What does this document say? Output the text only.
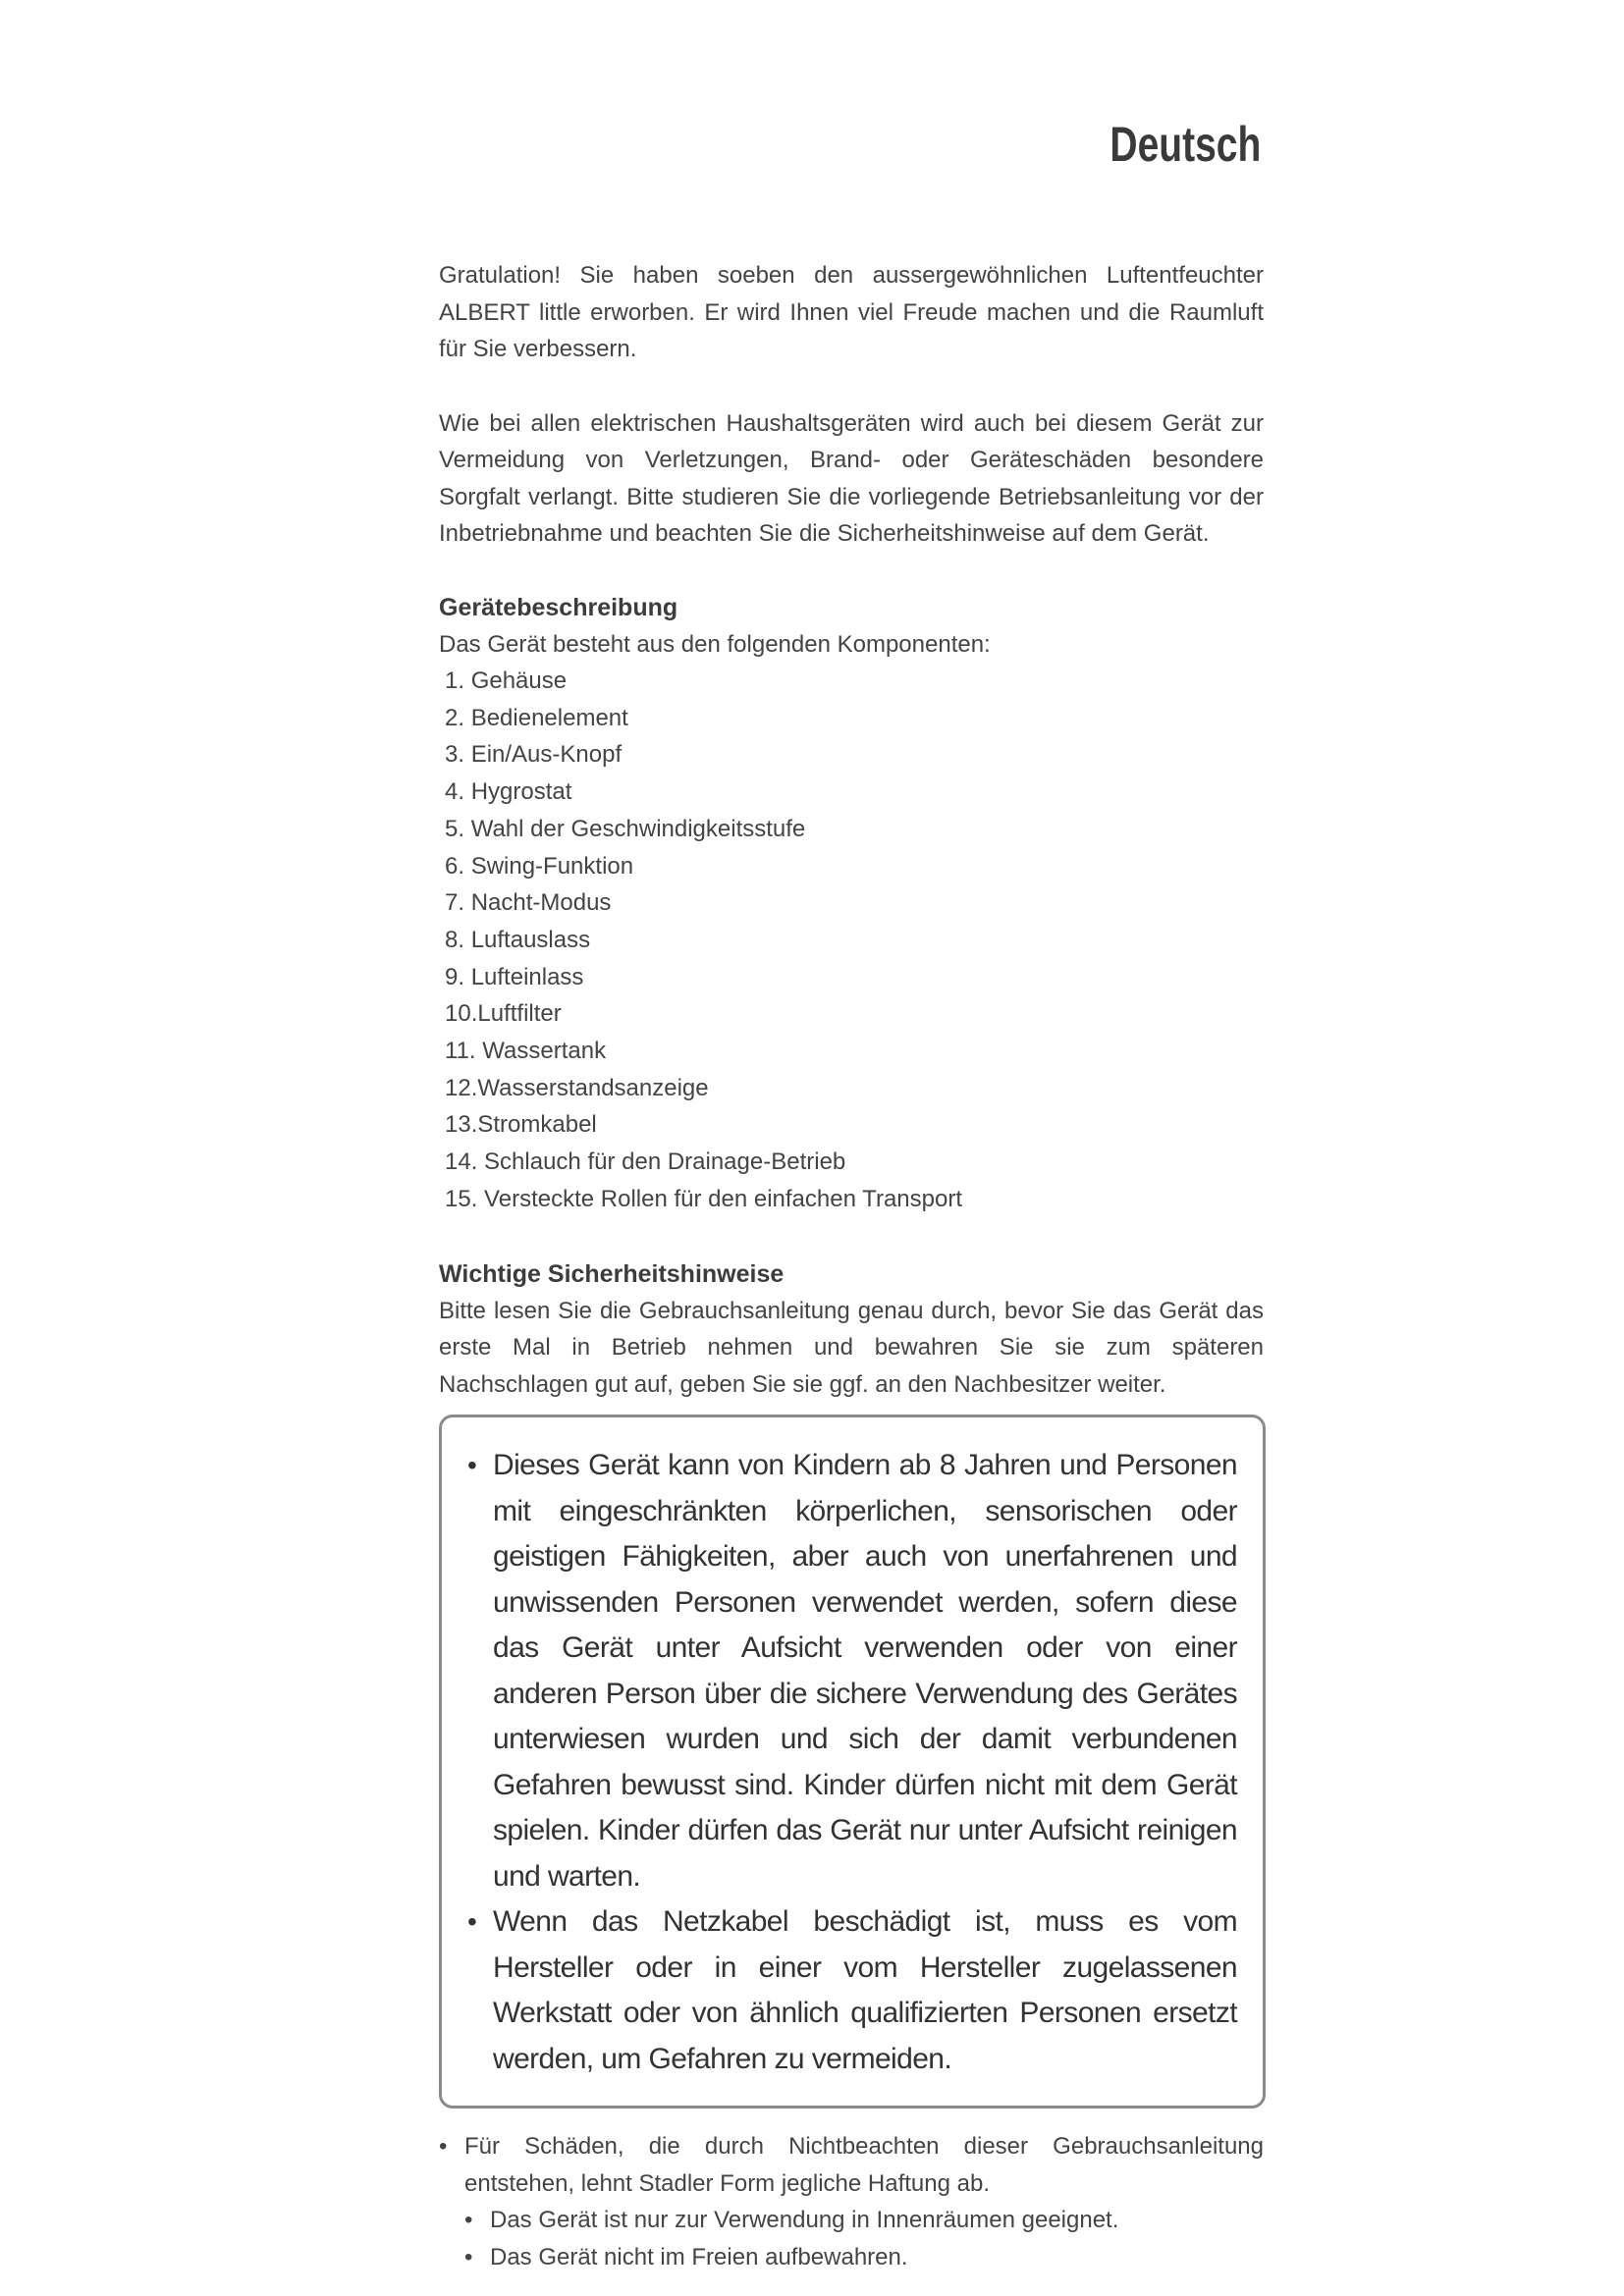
Deutsch

Gratulation! Sie haben soeben den aussergewöhnlichen Luftentfeuchter ALBERT little erworben. Er wird Ihnen viel Freude machen und die Raumluft für Sie verbessern.

Wie bei allen elektrischen Haushaltsgeräten wird auch bei diesem Gerät zur Vermeidung von Verletzungen, Brand- oder Geräteschäden besondere Sorgfalt verlangt. Bitte studieren Sie die vorliegende Betriebsanleitung vor der Inbetriebnahme und beachten Sie die Sicherheitshinweise auf dem Gerät.

Gerätebeschreibung

Das Gerät besteht aus den folgenden Komponenten:

1. Gehäuse
2. Bedienelement
3. Ein/Aus-Knopf
4. Hygrostat
5. Wahl der Geschwindigkeitsstufe
6. Swing-Funktion
7. Nacht-Modus
8. Luftauslass
9. Lufteinlass
10.Luftfilter
11. Wassertank
12.Wasserstandsanzeige
13.Stromkabel
14. Schlauch für den Drainage-Betrieb
15. Versteckte Rollen für den einfachen Transport
Wichtige Sicherheitshinweise

Bitte lesen Sie die Gebrauchsanleitung genau durch, bevor Sie das Gerät das erste Mal in Betrieb nehmen und bewahren Sie sie zum späteren Nachschlagen gut auf, geben Sie sie ggf. an den Nachbesitzer weiter.

• Dieses Gerät kann von Kindern ab 8 Jahren und Personen mit eingeschränkten körperlichen, sensorischen oder geistigen Fähigkeiten, aber auch von unerfahrenen und unwissenden Personen verwendet werden, sofern diese das Gerät unter Aufsicht verwenden oder von einer anderen Person über die sichere Verwendung des Gerätes unterwiesen wurden und sich der damit verbundenen Gefahren bewusst sind. Kinder dürfen nicht mit dem Gerät spielen. Kinder dürfen das Gerät nur unter Aufsicht reinigen und warten.
• Wenn das Netzkabel beschädigt ist, muss es vom Hersteller oder in einer vom Hersteller zugelassenen Werkstatt oder von ähnlich qualifizierten Personen ersetzt werden, um Gefahren zu vermeiden.
• Für Schäden, die durch Nichtbeachten dieser Gebrauchsanleitung entstehen, lehnt Stadler Form jegliche Haftung ab.
• Das Gerät ist nur zur Verwendung in Innenräumen geeignet.
• Das Gerät nicht im Freien aufbewahren.
